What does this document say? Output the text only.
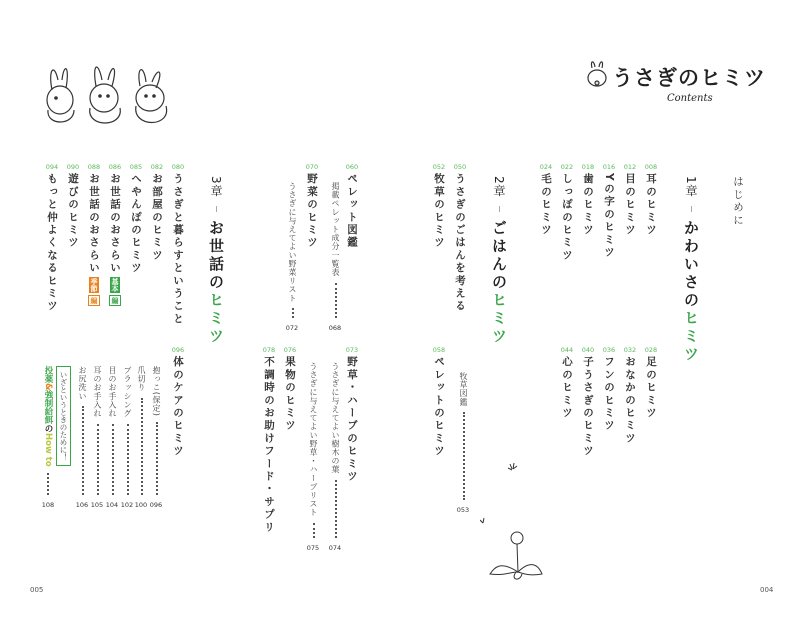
うさぎのヒミツ
Contents
はじめに
1章
かわいさの
ヒミツ
008
耳のヒミツ
012
目のヒミツ
016
Yの字のヒミツ
018
歯のヒミツ
022
しっぽのヒミツ
024
毛のヒミツ
028
足のヒミツ
032
おなかのヒミツ
036
フンのヒミツ
040
子うさぎのヒミツ
044
心のヒミツ
2章
ごはんの
ヒミツ
050
うさぎのごはんを考える
052
牧草のヒミツ
058
ペレットのヒミツ 牧草図鑑
053
060
ペレット図鑑
掲載ペレット成分一覧表
068
070
野菜のヒミツ
うさぎに与えてよい野菜リスト
072
073
野草・ハーブのヒミツ
うさぎに与えてよい樹木の葉
074
うさぎに与えてよい野草・ハーブリスト
075
076
果物のヒミツ
078
不調時のお助けフード・サプリ
3章
お世話の
ヒミツ
080
うさぎと暮らすということ
082
お部屋のヒミツ
085
へやんぽのヒミツ
086
お世話のおさらい基本編
088
お世話のおさらい季節編
090
遊びのヒミツ
094
もっと仲よくなるヒミツ
096
体のケアのヒミツ
抱っこ(保定)
096
爪切り
100
ブラッシング
102
目のお手入れ
104
耳のお手入れ
105
お尻洗い
106
いざというときのために！
投薬
&
強制給餌
の
How to
108
005	004
